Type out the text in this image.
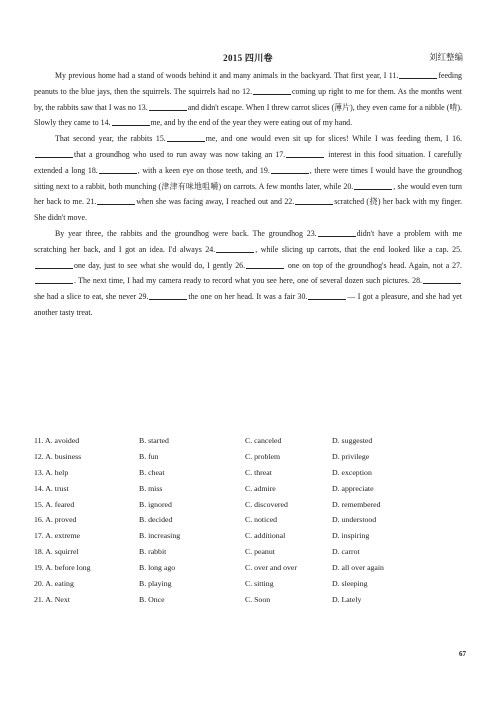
2015 四川卷	刘红整编

My previous home had a stand of woods behind it and many animals in the backyard. That first year, I 11.	feeding peanuts to the blue jays, then the squirrels. The squirrels had no 12.	coming up right to me for them. As the months went by, the rabbits saw that I was no 13.	and didn't escape. When I threw carrot slices (薄片), they even came for a nibble (啃). Slowly they came to 14.	me, and by the end of the year they were eating out of my hand.

That second year, the rabbits 15.	me, and one would even sit up for slices! While I was feeding them, I 16.that a groundhog who used to run away was now taking an 17.	interest in this food situation. I carefully extended a long 18.	, with a keen eye on those teeth, and 19.	, there were times I would have the groundhog sitting next to a rabbit, both munching (津津有味地咀嚼) on carrots. A few months later, while 20.	, she would even turn her back to me. 21.	when she was facing away, I reached out and 22.	scratched (挠) her back with my finger. She didn't move.

By year three, the rabbits and the groundhog were back. The groundhog 23.	didn't have a problem with me scratching her back, and I got an idea. I'd always 24.	, while slicing up carrots, that the end looked like a cap. 25.one day, just to see what she would do, I gently 26.	one on top of the groundhog's head. Again, not a 27.. The next time, I had my camera ready to record what you see here, one of several dozen such pictures. 28.she had a slice to eat, she never 29.	the one on her head. It was a fair 30.	— I got a pleasure, and she had yet another tasty treat.

11. A. avoided	B. started	C. canceled	D. suggested
12. A. business	B. fun	C. problem	D. privilege
13. A. help	B. cheat	C. threat	D. exception
14. A. trust	B. miss	C. admire	D. appreciate
15. A. feared	B. ignored	C. discovered	D. remembered
16. A. proved	B. decided	C. noticed	D. understood
17. A. extreme	B. increasing	C. additional	D. inspiring
18. A. squirrel	B. rabbit	C. peanut	D. carrot
19. A. before long	B. long ago	C. over and over	D. all over again
20. A. eating	B. playing	C. sitting	D. sleeping
21. A. Next	B. Once	C. Soon	D. Lately
67
